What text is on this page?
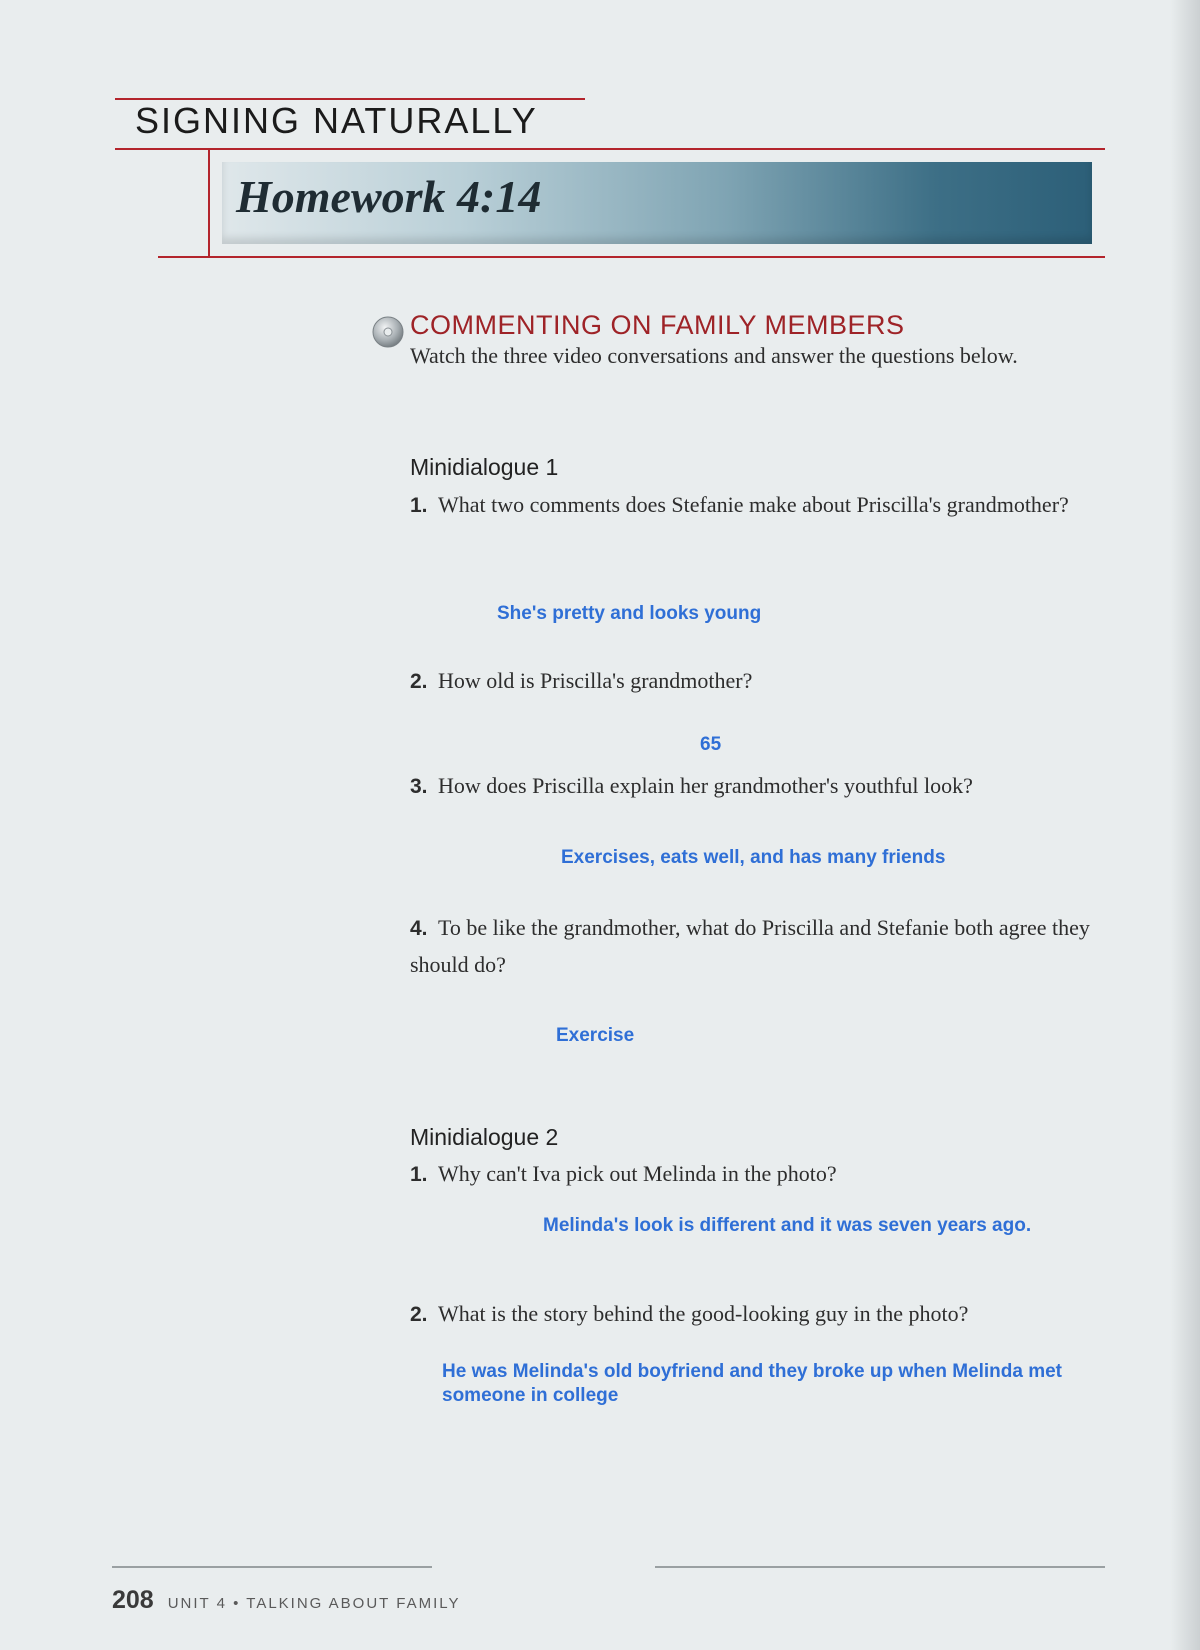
SIGNING NATURALLY
Homework 4:14
COMMENTING ON FAMILY MEMBERS

Watch the three video conversations and answer the questions below.

Minidialogue 1
1. What two comments does Stefanie make about Priscilla's grandmother?
She's pretty and looks young
2. How old is Priscilla's grandmother?
65
3. How does Priscilla explain her grandmother's youthful look?
Exercises, eats well, and has many friends
4. To be like the grandmother, what do Priscilla and Stefanie both agree they should do?
Exercise
Minidialogue 2
1. Why can't Iva pick out Melinda in the photo?
Melinda's look is different and it was seven years ago.
2. What is the story behind the good-looking guy in the photo?
He was Melinda's old boyfriend and they broke up when Melinda met someone in college
208 UNIT 4 • TALKING ABOUT FAMILY
